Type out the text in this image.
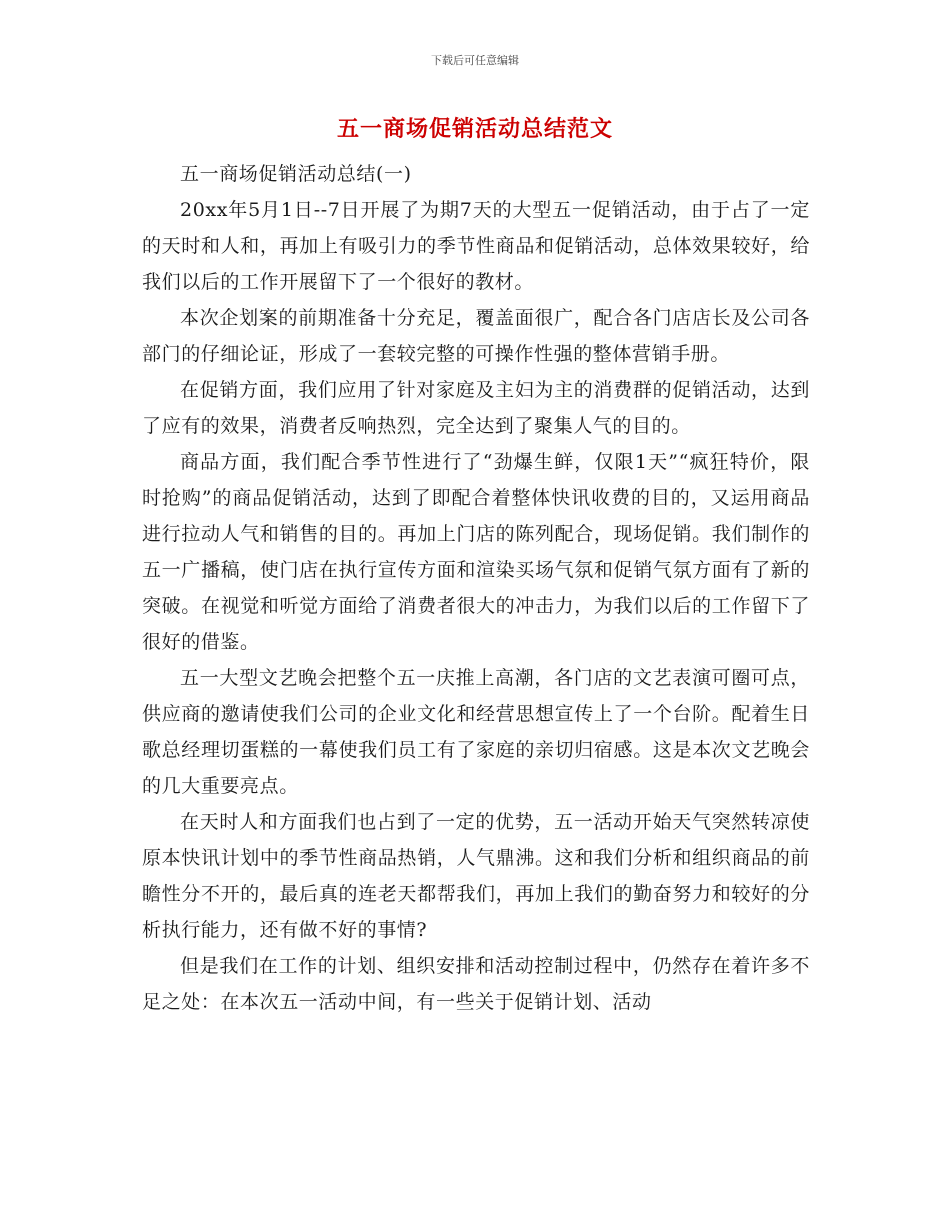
下载后可任意编辑
五一商场促销活动总结范文

五一商场促销活动总结(一)

20xx年5月1日--7日开展了为期7天的大型五一促销活动，由于占了一定的天时和人和，再加上有吸引力的季节性商品和促销活动，总体效果较好，给我们以后的工作开展留下了一个很好的教材。

本次企划案的前期准备十分充足，覆盖面很广，配合各门店店长及公司各部门的仔细论证，形成了一套较完整的可操作性强的整体营销手册。

在促销方面，我们应用了针对家庭及主妇为主的消费群的促销活动，达到了应有的效果，消费者反响热烈，完全达到了聚集人气的目的。

商品方面，我们配合季节性进行了“劲爆生鲜，仅限1天”“疯狂特价，限时抢购”的商品促销活动，达到了即配合着整体快讯收费的目的，又运用商品进行拉动人气和销售的目的。再加上门店的陈列配合，现场促销。我们制作的五一广播稿，使门店在执行宣传方面和渲染买场气氛和促销气氛方面有了新的突破。在视觉和听觉方面给了消费者很大的冲击力，为我们以后的工作留下了很好的借鉴。

五一大型文艺晚会把整个五一庆推上高潮，各门店的文艺表演可圈可点，供应商的邀请使我们公司的企业文化和经营思想宣传上了一个台阶。配着生日歌总经理切蛋糕的一幕使我们员工有了家庭的亲切归宿感。这是本次文艺晚会的几大重要亮点。

在天时人和方面我们也占到了一定的优势，五一活动开始天气突然转凉使原本快讯计划中的季节性商品热销，人气鼎沸。这和我们分析和组织商品的前瞻性分不开的，最后真的连老天都帮我们，再加上我们的勤奋努力和较好的分析执行能力，还有做不好的事情?

但是我们在工作的计划、组织安排和活动控制过程中，仍然存在着许多不足之处：在本次五一活动中间，有一些关于促销计划、活动
